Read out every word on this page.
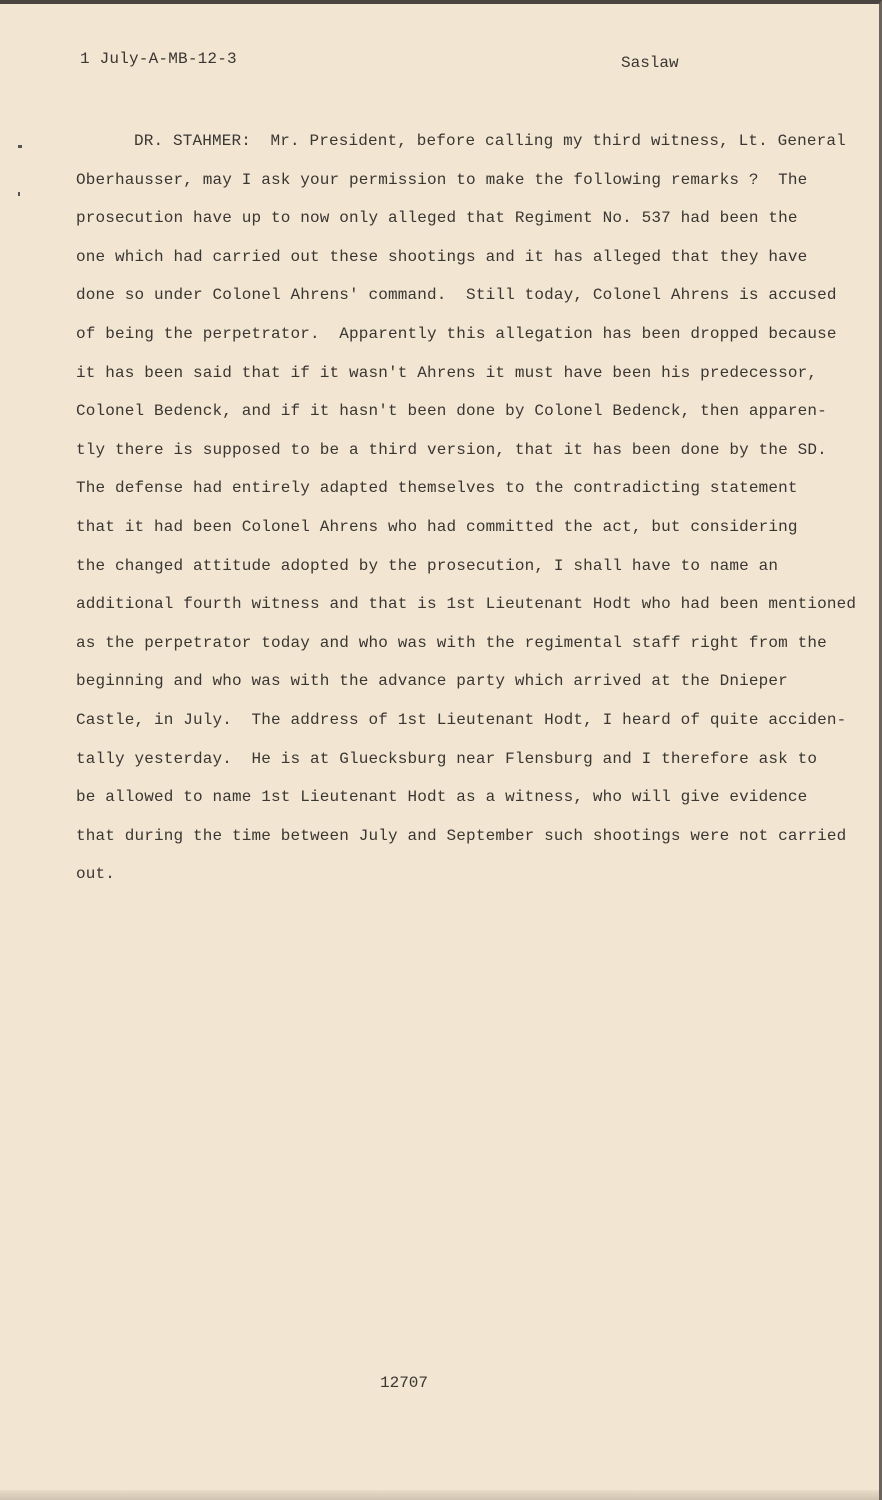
1 July-A-MB-12-3	Saslaw
DR. STAHMER:  Mr. President, before calling my third witness, Lt. General
Oberhausser, may I ask your permission to make the following remarks ?  The
prosecution have up to now only alleged that Regiment No. 537 had been the
one which had carried out these shootings and it has alleged that they have
done so under Colonel Ahrens' command.  Still today, Colonel Ahrens is accused
of being the perpetrator.  Apparently this allegation has been dropped because
it has been said that if it wasn't Ahrens it must have been his predecessor,
Colonel Bedenck, and if it hasn't been done by Colonel Bedenck, then apparen-
tly there is supposed to be a third version, that it has been done by the SD.
The defense had entirely adapted themselves to the contradicting statement
that it had been Colonel Ahrens who had committed the act, but considering
the changed attitude adopted by the prosecution, I shall have to name an
additional fourth witness and that is 1st Lieutenant Hodt who had been mentioned
as the perpetrator today and who was with the regimental staff right from the
beginning and who was with the advance party which arrived at the Dnieper
Castle, in July.  The address of 1st Lieutenant Hodt, I heard of quite acciden-
tally yesterday.  He is at Gluecksburg near Flensburg and I therefore ask to
be allowed to name 1st Lieutenant Hodt as a witness, who will give evidence
that during the time between July and September such shootings were not carried
out.
12707
